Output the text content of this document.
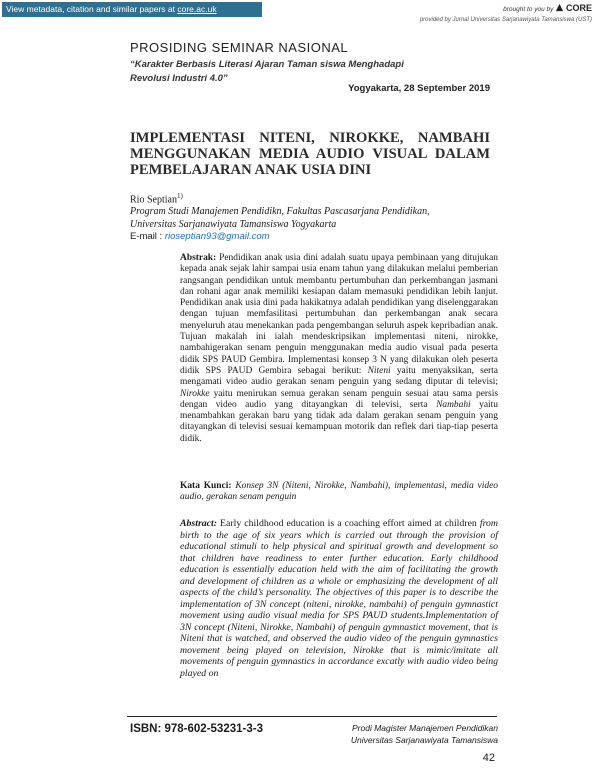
View metadata, citation and similar papers at core.ac.uk	brought to you by CORE
provided by Jurnal Universitas Sarjanawiyata Tamansiswa (UST)
PROSIDING SEMINAR NASIONAL
“Karakter Berbasis Literasi Ajaran Taman siswa Menghadapi
Revolusi Industri 4.0”
Yogyakarta, 28 September 2019
IMPLEMENTASI NITENI, NIROKKE, NAMBAHI MENGGUNAKAN MEDIA AUDIO VISUAL DALAM PEMBELAJARAN ANAK USIA DINI
Rio Septian$^{1)}$
Program Studi Manajemen Pendidikn, Fakultas Pascasarjana Pendidikan,
Universitas Sarjanawiyata Tamansiswa Yogyakarta
E-mail : rioseptian93@gmail.com
Abstrak: Pendidikan anak usia dini adalah suatu upaya pembinaan yang ditujukan kepada anak sejak lahir sampai usia enam tahun yang dilakukan melalui pemberian rangsangan pendidikan untuk membantu pertumbuhan dan perkembangan jasmani dan rohani agar anak memiliki kesiapan dalam memasuki pendidikan lebih lanjut. Pendidikan anak usia dini pada hakikatnya adalah pendidikan yang diselenggarakan dengan tujuan memfasilitasi pertumbuhan dan perkembangan anak secara menyeluruh atau menekankan pada pengembangan seluruh aspek kepribadian anak. Tujuan makalah ini ialah mendeskripsikan implementasi niteni, nirokke, nambahigerakan senam penguin menggunakan media audio visual pada peserta didik SPS PAUD Gembira. Implementasi konsep 3 N yang dilakukan oleh peserta didik SPS PAUD Gembira sebagai berikut: Niteni yaitu menyaksikan, serta mengamati video audio gerakan senam penguin yang sedang diputar di televisi; Nirokke yaitu menirukan semua gerakan senam penguin sesuai atau sama persis dengan video audio yang ditayangkan di televisi, serta Nambahi yaitu menambahkan gerakan baru yang tidak ada dalam gerakan senam penguin yang ditayangkan di televisi sesuai kemampuan motorik dan reflek dari tiap-tiap peserta didik.
Kata Kunci: Konsep 3N (Niteni, Nirokke, Nambahi), implementasi, media video audio, gerakan senam penguin
Abstract: Early childhood education is a coaching effort aimed at children from birth to the age of six years which is carried out through the provision of educational stimuli to help physical and spiritual growth and development so that children have readiness to enter further education. Early childhood education is essentially education held with the aim of facilitating the growth and development of children as a whole or emphasizing the development of all aspects of the child’s personality. The objectives of this paper is to describe the implementation of 3N concept (niteni, nirokke, nambahi) of penguin gymnastict movement using audio visual media for SPS PAUD students.Implementation of 3N concept (Niteni, Nirokke, Nambahi) of penguin gymnastict movement, that is Niteni that is watched, and observed the audio video of the penguin gymnastics movement being played on television, Nirokke that is mimic/imitate all movements of penguin gymnastics in accordance excatly with audio video being played on
ISBN: 978-602-53231-3-3	Prodi Magister Manajemen Pendidikan
Universitas Sarjanawiyata Tamansiswa
42
